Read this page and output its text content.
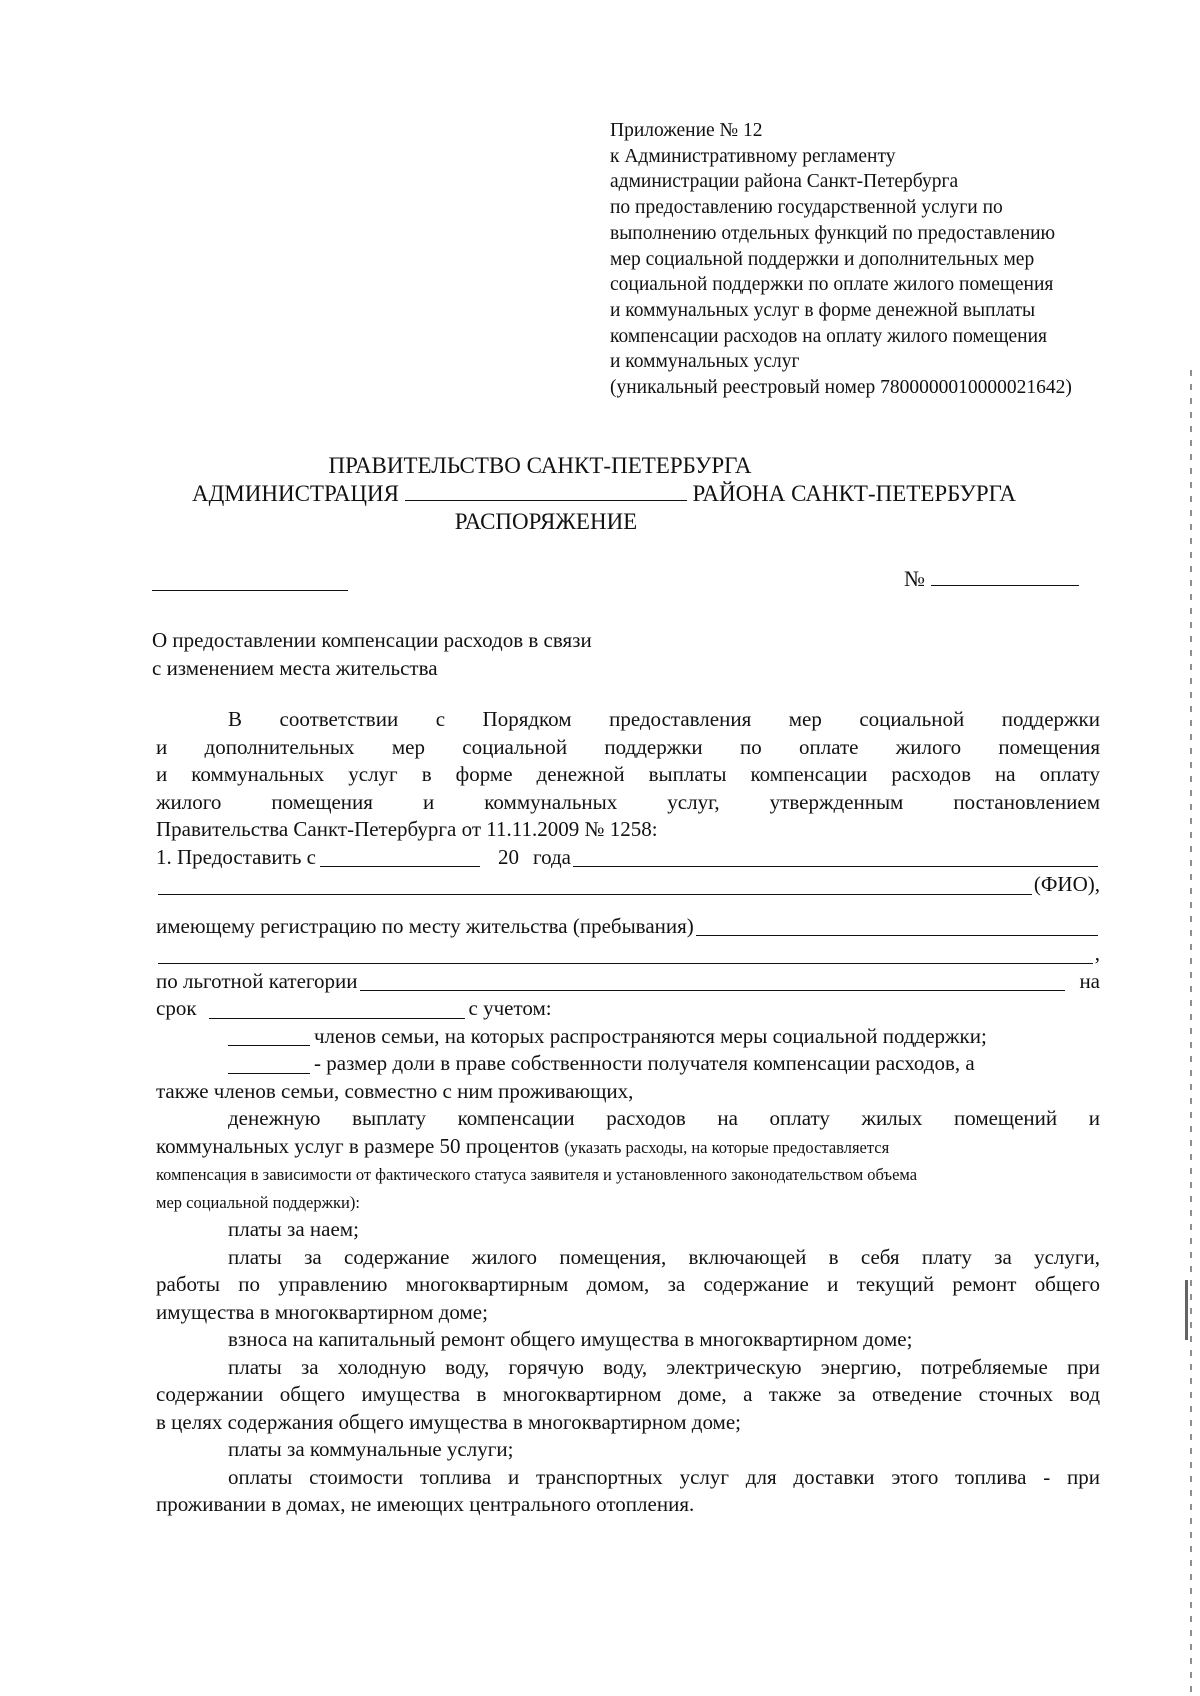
Приложение № 12
к Административному регламенту
администрации района Санкт-Петербурга
по предоставлению государственной услуги по
выполнению отдельных функций по предоставлению
мер социальной поддержки и дополнительных мер
социальной поддержки по оплате жилого помещения
и коммунальных услуг в форме денежной выплаты
компенсации расходов на оплату жилого помещения
и коммунальных услуг
(уникальный реестровый номер 7800000010000021642)
ПРАВИТЕЛЬСТВО САНКТ-ПЕТЕРБУРГА
АДМИНИСТРАЦИЯ	РАЙОНА САНКТ-ПЕТЕРБУРГА
РАСПОРЯЖЕНИЕ
№
О предоставлении компенсации расходов в связи
с изменением места жительства
В соответствии с Порядком предоставления мер социальной поддержки
и дополнительных мер социальной поддержки по оплате жилого помещения
и коммунальных услуг в форме денежной выплаты компенсации расходов на оплату
жилого помещения и коммунальных услуг, утвержденным постановлением
Правительства Санкт-Петербурга от 11.11.2009 № 1258:
1. Предоставить с	20 года
(ФИО),
имеющему регистрацию по месту жительства (пребывания)
,
по льготной категории	на
срок	с учетом:
членов семьи, на которых распространяются меры социальной поддержки;
- размер доли в праве собственности получателя компенсации расходов, а
также членов семьи, совместно с ним проживающих,
денежную выплату компенсации расходов на оплату жилых помещений и
коммунальных услуг в размере 50 процентов (указать расходы, на которые предоставляется
компенсация в зависимости от фактического статуса заявителя и установленного законодательством объема
мер социальной поддержки):
платы за наем;
платы за содержание жилого помещения, включающей в себя плату за услуги,
работы по управлению многоквартирным домом, за содержание и текущий ремонт общего
имущества в многоквартирном доме;
взноса на капитальный ремонт общего имущества в многоквартирном доме;
платы за холодную воду, горячую воду, электрическую энергию, потребляемые при
содержании общего имущества в многоквартирном доме, а также за отведение сточных вод
в целях содержания общего имущества в многоквартирном доме;
платы за коммунальные услуги;
оплаты стоимости топлива и транспортных услуг для доставки этого топлива - при
проживании в домах, не имеющих центрального отопления.
